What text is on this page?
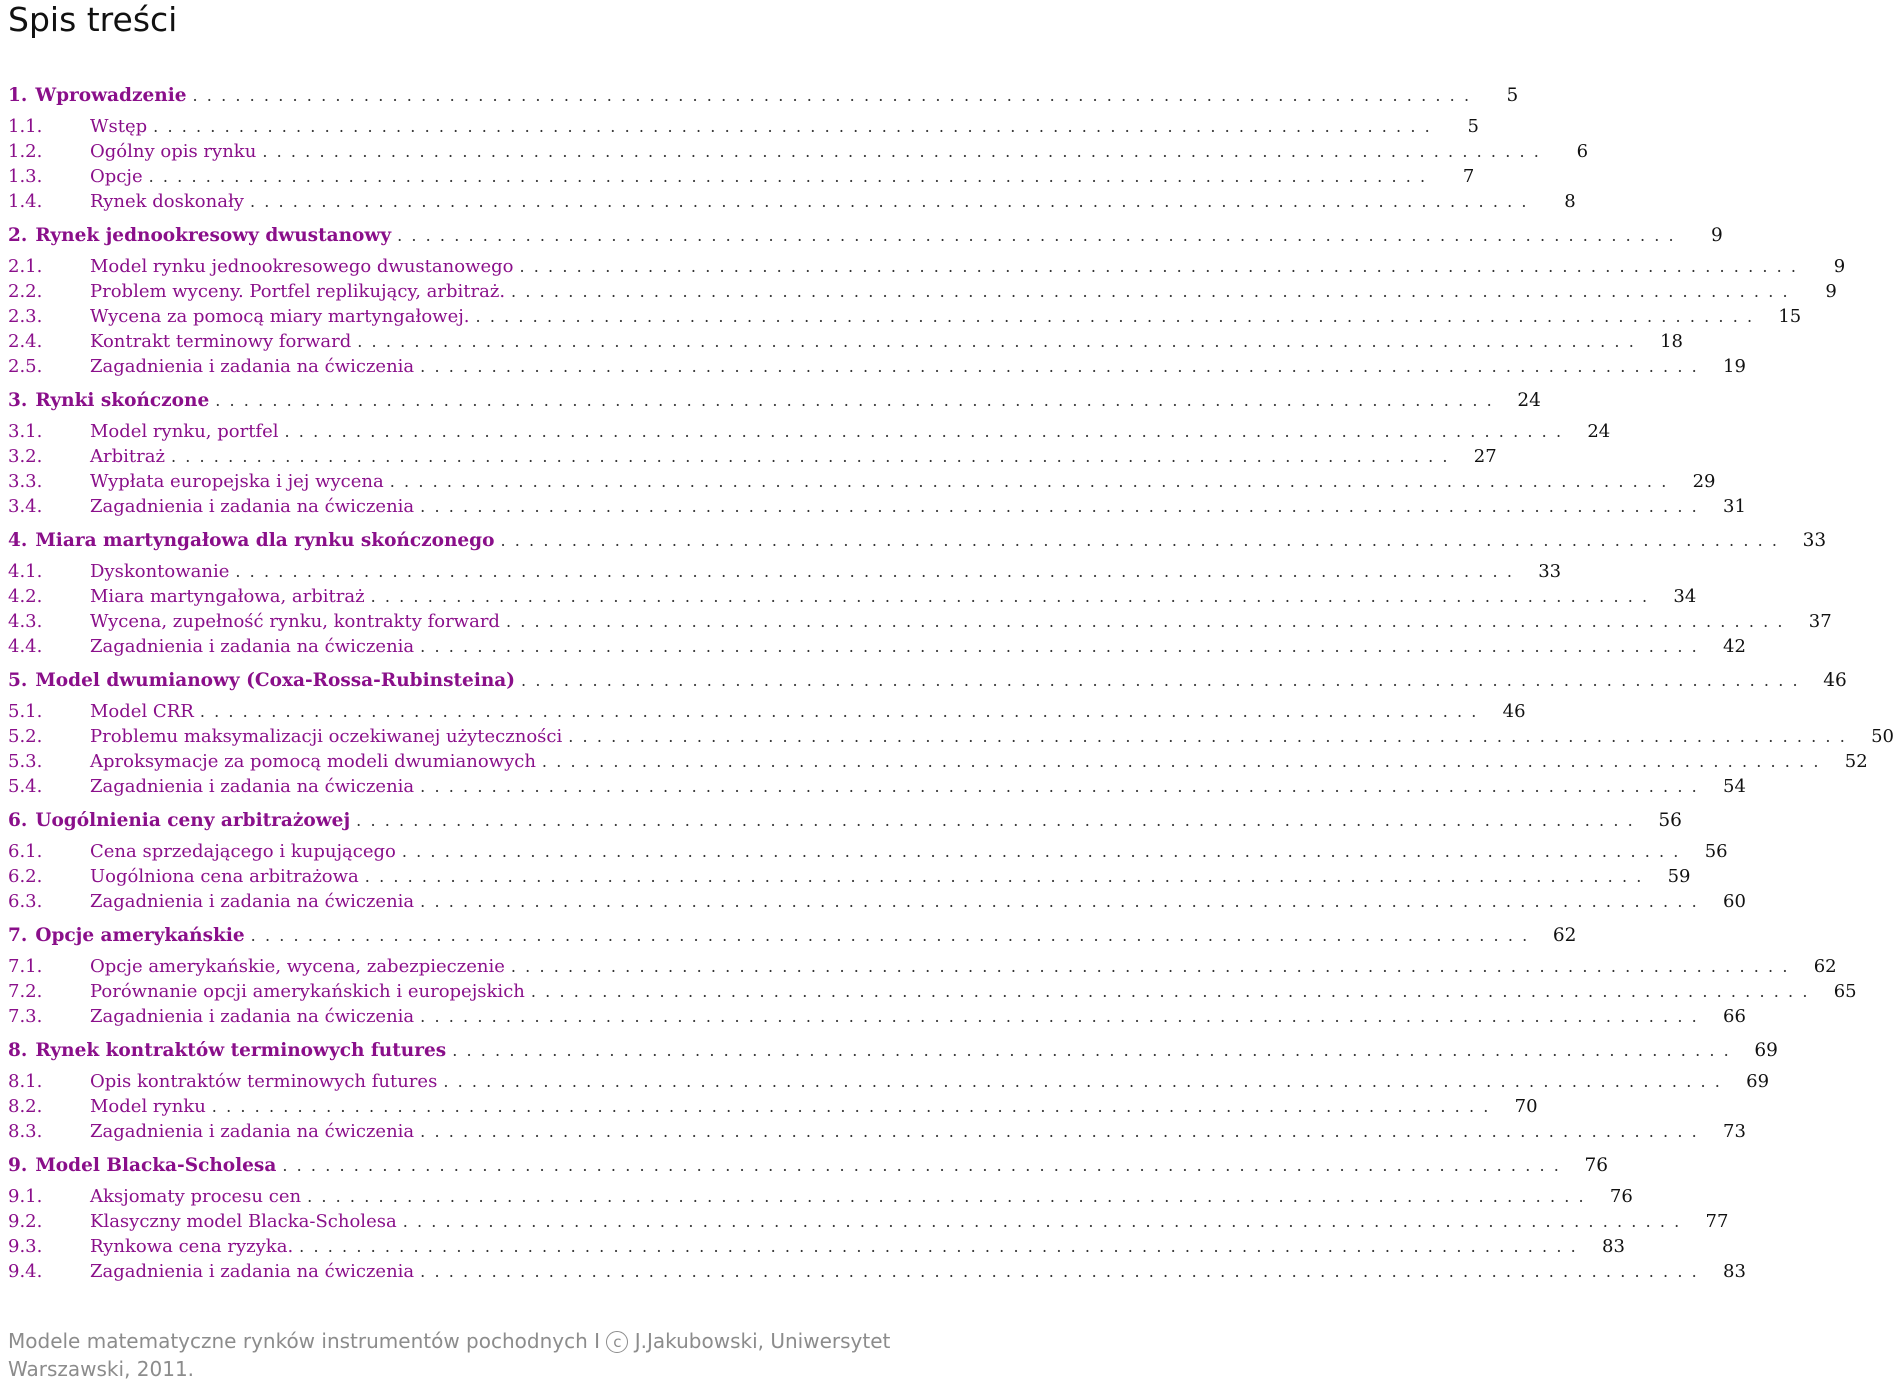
Spis treści
1. Wprowadzenie ..........................................................................................	5
1.1.	Wstęp ..........................................................................................	5
1.2.	Ogólny opis rynku ..........................................................................................	6
1.3.	Opcje ..........................................................................................	7
1.4.	Rynek doskonały ..........................................................................................	8
2. Rynek jednookresowy dwustanowy ..........................................................................................	9
2.1.	Model rynku jednookresowego dwustanowego ..........................................................................................	9
2.2.	Problem wyceny. Portfel replikujący, arbitraż. ..........................................................................................	9
2.3.	Wycena za pomocą miary martyngałowej. .......................................................................................... 15
2.4.	Kontrakt terminowy forward .......................................................................................... 18
2.5.	Zagadnienia i zadania na ćwiczenia .......................................................................................... 19
3. Rynki skończone .......................................................................................... 24
3.1.	Model rynku, portfel .......................................................................................... 24
3.2.	Arbitraż .......................................................................................... 27
3.3.	Wypłata europejska i jej wycena .......................................................................................... 29
3.4.	Zagadnienia i zadania na ćwiczenia .......................................................................................... 31
4. Miara martyngałowa dla rynku skończonego .......................................................................................... 33
4.1.	Dyskontowanie .......................................................................................... 33
4.2.	Miara martyngałowa, arbitraż .......................................................................................... 34
4.3.	Wycena, zupełność rynku, kontrakty forward .......................................................................................... 37
4.4.	Zagadnienia i zadania na ćwiczenia .......................................................................................... 42
5. Model dwumianowy (Coxa-Rossa-Rubinsteina) .......................................................................................... 46
5.1.	Model CRR .......................................................................................... 46
5.2.	Problemu maksymalizacji oczekiwanej użyteczności .......................................................................................... 50
5.3.	Aproksymacje za pomocą modeli dwumianowych .......................................................................................... 52
5.4.	Zagadnienia i zadania na ćwiczenia .......................................................................................... 54
6. Uogólnienia ceny arbitrażowej .......................................................................................... 56
6.1.	Cena sprzedającego i kupującego .......................................................................................... 56
6.2.	Uogólniona cena arbitrażowa .......................................................................................... 59
6.3.	Zagadnienia i zadania na ćwiczenia .......................................................................................... 60
7. Opcje amerykańskie .......................................................................................... 62
7.1.	Opcje amerykańskie, wycena, zabezpieczenie .......................................................................................... 62
7.2.	Porównanie opcji amerykańskich i europejskich .......................................................................................... 65
7.3.	Zagadnienia i zadania na ćwiczenia .......................................................................................... 66
8. Rynek kontraktów terminowych futures .......................................................................................... 69
8.1.	Opis kontraktów terminowych futures .......................................................................................... 69
8.2.	Model rynku .......................................................................................... 70
8.3.	Zagadnienia i zadania na ćwiczenia .......................................................................................... 73
9. Model Blacka-Scholesa .......................................................................................... 76
9.1.	Aksjomaty procesu cen .......................................................................................... 76
9.2.	Klasyczny model Blacka-Scholesa .......................................................................................... 77
9.3.	Rynkowa cena ryzyka. .......................................................................................... 83
9.4.	Zagadnienia i zadania na ćwiczenia .......................................................................................... 83
Modele matematyczne rynków instrumentów pochodnych I c J.Jakubowski, Uniwersytet Warszawski, 2011.
